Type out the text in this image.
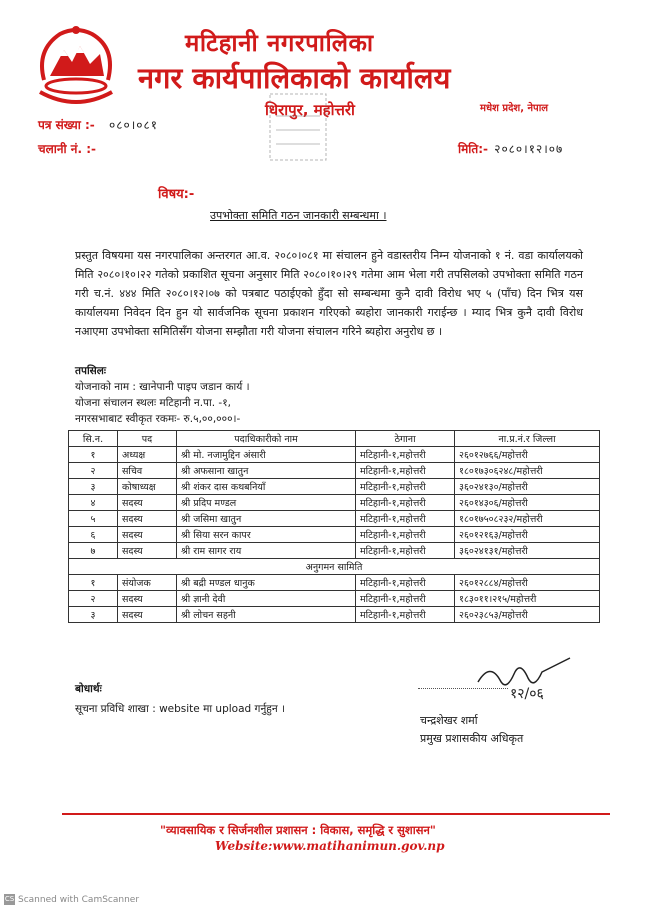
मटिहानी नगरपालिका
नगर कार्यपालिकाको कार्यालय
धिरापुर, महोत्तरी	मधेश प्रदेश, नेपाल
पत्र संख्या :- ०८०।०८१
चलानी नं. :-	मिति:- २०८०।१२।०७
विषय:-
उपभोक्ता समिति गठन जानकारी सम्बन्धमा ।
प्रस्तुत विषयमा यस नगरपालिका अन्तरगत आ.व. २०८०।०८१ मा संचालन हुने वडास्तरीय निम्न योजनाको १ नं. वडा कार्यालयको मिति २०८०।१०।२२ गतेको प्रकाशित सूचना अनुसार मिति २०८०।१०।२९ गतेमा आम भेला गरी तपसिलको उपभोक्ता समिति गठन गरी च.नं. ४४४ मिति २०८०।१२।०७ को पत्रबाट पठाईएको हुँदा सो सम्बन्धमा कुनै दावी विरोध भए ५ (पाँच) दिन भित्र यस कार्यालयमा निवेदन दिन हुन यो सार्वजनिक सूचना प्रकाशन गरिएको ब्यहोरा जानकारी गराईन्छ । म्याद भित्र कुनै दावी विरोध नआएमा उपभोक्ता समितिसँग योजना सम्झौता गरी योजना संचालन गरिने ब्यहोरा अनुरोध छ ।
तपसिलः
योजनाको नाम : खानेपानी पाइप जडान कार्य ।
योजना संचालन स्थलः मटिहानी न.पा. -१,
नगरसभाबाट स्वीकृत रकमः- रु.५,००,०००।-
सि.न.	पद	पदाधिकारीको नाम	ठेगाना	ना.प्र.नं.र जिल्ला
१	अध्यक्ष	श्री मो. नजामुद्दिन अंसारी	मटिहानी-१,महोत्तरी	२६०१२७६६/महोत्तरी
२	सचिव	श्री अफसाना खातुन	मटिहानी-१,महोत्तरी	१८०१७३०६२४८/महोत्तरी
३	कोषाध्यक्ष	श्री शंकर दास कथबनियाँ	मटिहानी-१,महोत्तरी	३६०२४१३०/महोत्तरी
४	सदस्य	श्री प्रदिप मण्डल	मटिहानी-१,महोत्तरी	२६०१४३०६/महोत्तरी
५	सदस्य	श्री जसिमा खातुन	मटिहानी-१,महोत्तरी	१८०१७५०८२३२/महोत्तरी
६	सदस्य	श्री सिया सरन कापर	मटिहानी-१,महोत्तरी	२६०१२१६३/महोत्तरी
७	सदस्य	श्री राम सागर राय	मटिहानी-१,महोत्तरी	३६०२४१३१/महोत्तरी
अनुगमन सामिति				
१	संयोजक	श्री बद्री मण्डल धानुक	मटिहानी-१,महोत्तरी	२६०१२८८४/महोत्तरी
२	सदस्य	श्री ज्ञानी देवी	मटिहानी-१,महोत्तरी	१८३०११।२१५/महोत्तरी
३	सदस्य	श्री लोचन सहनी	मटिहानी-१,महोत्तरी	२६०२३८५३/महोत्तरी
बोधार्थः
सूचना प्रविधि शाखा : website मा upload गर्नुहुन ।
१२/०६
चन्द्रशेखर शर्मा
प्रमुख प्रशासकीय अधिकृत
"व्यावसायिक र सिर्जनशील प्रशासन : विकास, समृद्धि र सुशासन"
Website:www.matihanimun.gov.np
CS Scanned with CamScanner
